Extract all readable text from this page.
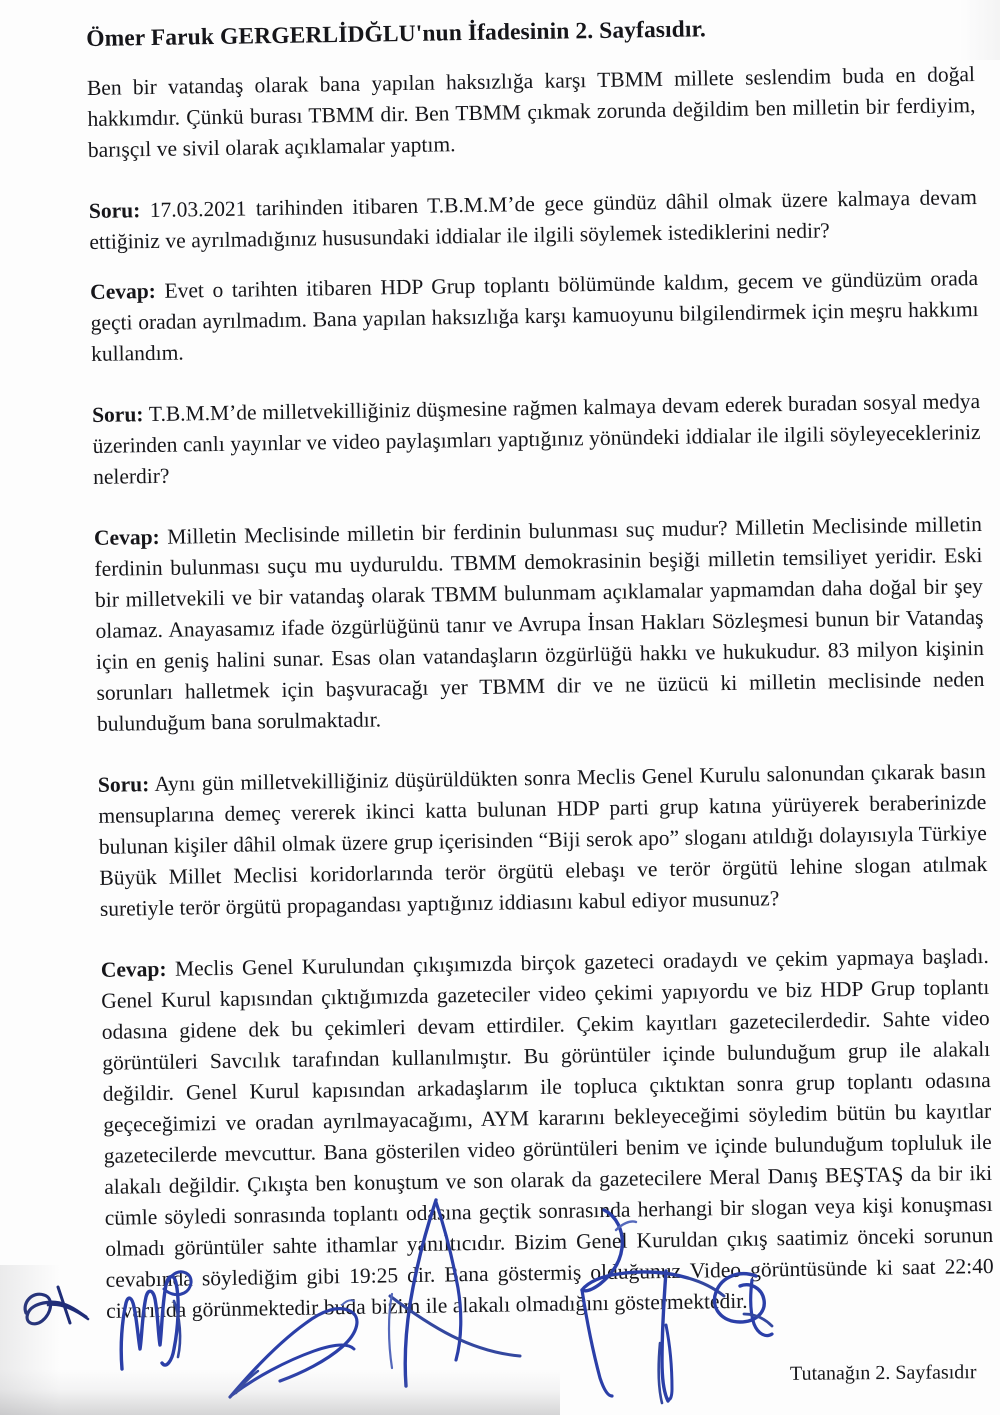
Ömer Faruk GERGERLİDĞLU'nun İfadesinin 2. Sayfasıdır.

Ben bir vatandaş olarak bana yapılan haksızlığa karşı TBMM millete seslendim buda en doğal hakkımdır. Çünkü burası TBMM dir. Ben TBMM çıkmak zorunda değildim ben milletin bir ferdiyim, barışçıl ve sivil olarak açıklamalar yaptım.

Soru: 17.03.2021 tarihinden itibaren T.B.M.M’de gece gündüz dâhil olmak üzere kalmaya devam ettiğiniz ve ayrılmadığınız hususundaki iddialar ile ilgili söylemek istediklerini nedir?

Cevap: Evet o tarihten itibaren HDP Grup toplantı bölümünde kaldım, gecem ve gündüzüm orada geçti oradan ayrılmadım. Bana yapılan haksızlığa karşı kamuoyunu bilgilendirmek için meşru hakkımı kullandım.

Soru: T.B.M.M’de milletvekilliğiniz düşmesine rağmen kalmaya devam ederek buradan sosyal medya üzerinden canlı yayınlar ve video paylaşımları yaptığınız yönündeki iddialar ile ilgili söyleyecekleriniz nelerdir?

Cevap: Milletin Meclisinde milletin bir ferdinin bulunması suç mudur? Milletin Meclisinde milletin ferdinin bulunması suçu mu uyduruldu. TBMM demokrasinin beşiği milletin temsiliyet yeridir. Eski bir milletvekili ve bir vatandaş olarak TBMM bulunmam açıklamalar yapmamdan daha doğal bir şey olamaz. Anayasamız ifade özgürlüğünü tanır ve Avrupa İnsan Hakları Sözleşmesi bunun bir Vatandaş için en geniş halini sunar. Esas olan vatandaşların özgürlüğü hakkı ve hukukudur. 83 milyon kişinin sorunları halletmek için başvuracağı yer TBMM dir ve ne üzücü ki milletin meclisinde neden bulunduğum bana sorulmaktadır.

Soru: Aynı gün milletvekilliğiniz düşürüldükten sonra Meclis Genel Kurulu salonundan çıkarak basın mensuplarına demeç vererek ikinci katta bulunan HDP parti grup katına yürüyerek beraberinizde bulunan kişiler dâhil olmak üzere grup içerisinden “Biji serok apo” sloganı atıldığı dolayısıyla Türkiye Büyük Millet Meclisi koridorlarında terör örgütü elebaşı ve terör örgütü lehine slogan atılmak suretiyle terör örgütü propagandası yaptığınız iddiasını kabul ediyor musunuz?

Cevap: Meclis Genel Kurulundan çıkışımızda birçok gazeteci oradaydı ve çekim yapmaya başladı. Genel Kurul kapısından çıktığımızda gazeteciler video çekimi yapıyordu ve biz HDP Grup toplantı odasına gidene dek bu çekimleri devam ettirdiler. Çekim kayıtları gazetecilerdedir. Sahte video görüntüleri Savcılık tarafından kullanılmıştır. Bu görüntüler içinde bulunduğum grup ile alakalı değildir. Genel Kurul kapısından arkadaşlarım ile topluca çıktıktan sonra grup toplantı odasına geçeceğimizi ve oradan ayrılmayacağımı, AYM kararını bekleyeceğimi söyledim bütün bu kayıtlar gazetecilerde mevcuttur. Bana gösterilen video görüntüleri benim ve içinde bulunduğum topluluk ile alakalı değildir. Çıkışta ben konuştum ve son olarak da gazetecilere Meral Danış BEŞTAŞ da bir iki cümle söyledi sonrasında toplantı odasına geçtik sonrasında herhangi bir slogan veya kişi konuşması olmadı görüntüler sahte ithamlar yanıltıcıdır. Bizim Genel Kuruldan çıkış saatimiz önceki sorunun cevabında söylediğim gibi 19:25 dir. Bana göstermiş olduğunuz Video görüntüsünde ki saat 22:40 civarında görünmektedir buda bizim ile alakalı olmadığını göstermektedir.

Tutanağın 2. Sayfasıdır
